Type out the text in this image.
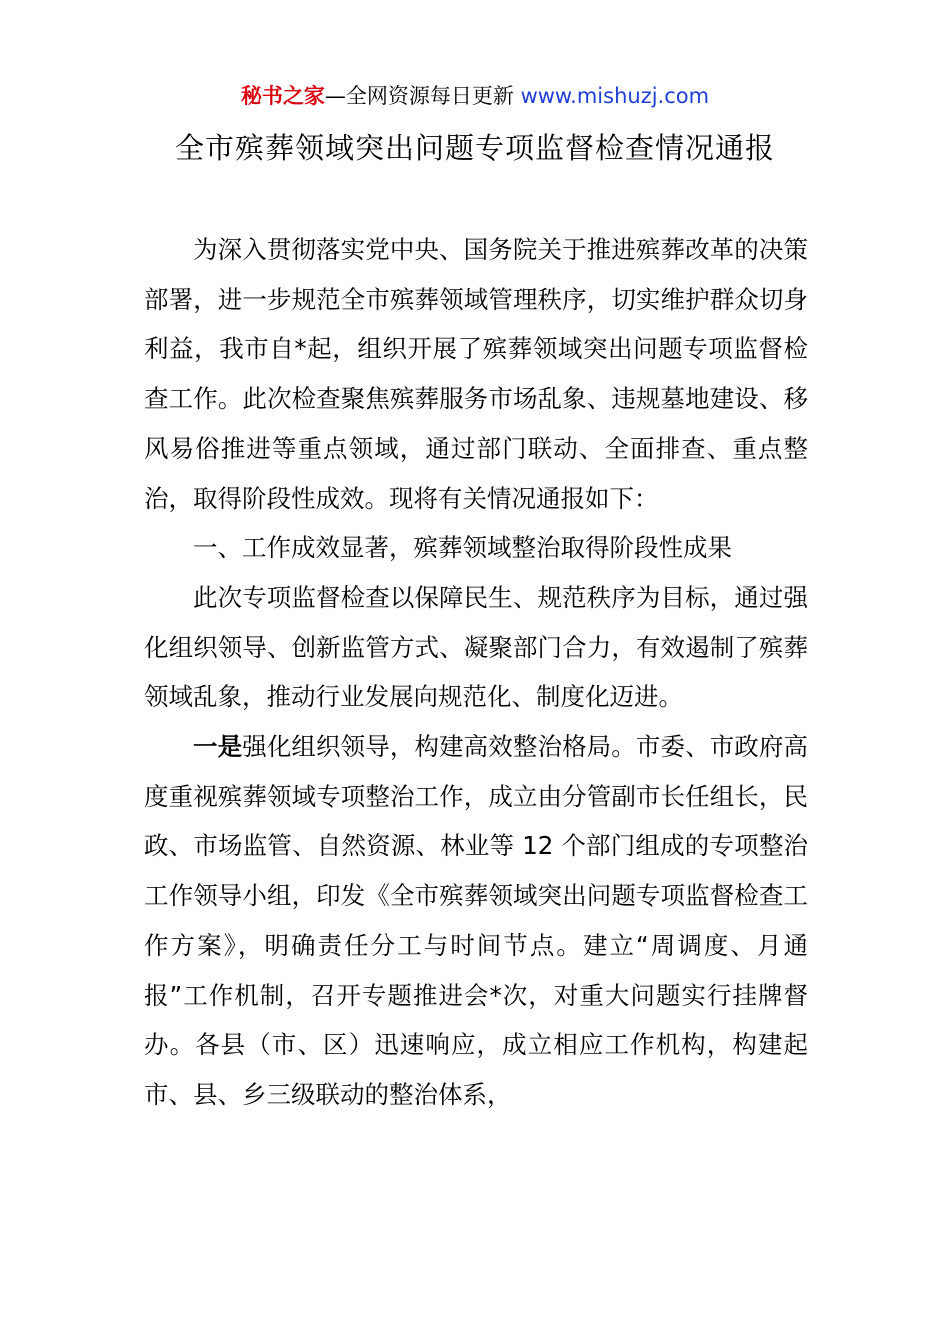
秘书之家—全网资源每日更新 www.mishuzj.com
全市殡葬领域突出问题专项监督检查情况通报

为深入贯彻落实党中央、国务院关于推进殡葬改革的决策部署，进一步规范全市殡葬领域管理秩序，切实维护群众切身利益，我市自*起，组织开展了殡葬领域突出问题专项监督检查工作。此次检查聚焦殡葬服务市场乱象、违规墓地建设、移风易俗推进等重点领域，通过部门联动、全面排查、重点整治，取得阶段性成效。现将有关情况通报如下：

一、工作成效显著，殡葬领域整治取得阶段性成果

此次专项监督检查以保障民生、规范秩序为目标，通过强化组织领导、创新监管方式、凝聚部门合力，有效遏制了殡葬领域乱象，推动行业发展向规范化、制度化迈进。

一是强化组织领导，构建高效整治格局。市委、市政府高度重视殡葬领域专项整治工作，成立由分管副市长任组长，民政、市场监管、自然资源、林业等 12 个部门组成的专项整治工作领导小组，印发《全市殡葬领域突出问题专项监督检查工作方案》，明确责任分工与时间节点。建立“周调度、月通报”工作机制，召开专题推进会*次，对重大问题实行挂牌督办。各县（市、区）迅速响应，成立相应工作机构，构建起市、县、乡三级联动的整治体系，
